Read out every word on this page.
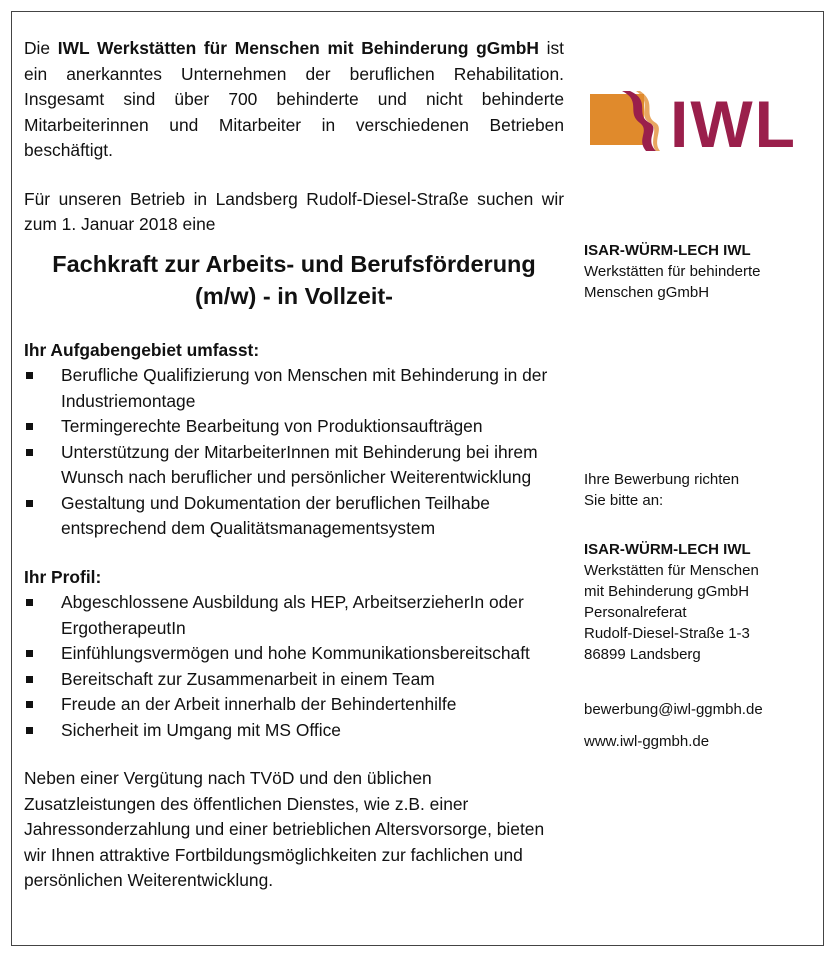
Die IWL Werkstätten für Menschen mit Behinderung gGmbH ist ein anerkanntes Unternehmen der beruflichen Rehabilitation. Insgesamt sind über 700 behinderte und nicht behinderte Mitarbeiterinnen und Mitarbeiter in verschiedenen Betrieben beschäftigt.

Für unseren Betrieb in Landsberg Rudolf-Diesel-Straße suchen wir zum 1. Januar 2018 eine

Fachkraft zur Arbeits- und Berufsförderung
(m/w) - in Vollzeit-

Ihr Aufgabengebiet umfasst:

Berufliche Qualifizierung von Menschen mit Behinderung in der Industriemontage
Termingerechte Bearbeitung von Produktionsaufträgen
Unterstützung der MitarbeiterInnen mit Behinderung bei ihrem Wunsch nach beruflicher und persönlicher Weiterentwicklung
Gestaltung und Dokumentation der beruflichen Teilhabe entsprechend dem Qualitätsmanagementsystem

Ihr Profil:

Abgeschlossene Ausbildung als HEP, ArbeitserzieherIn oder ErgotherapeutIn
Einfühlungsvermögen und hohe Kommunikationsbereitschaft
Bereitschaft zur Zusammenarbeit in einem Team
Freude an der Arbeit innerhalb der Behindertenhilfe
Sicherheit im Umgang mit MS Office

Neben einer Vergütung nach TVöD und den üblichen Zusatzleistungen des öffentlichen Dienstes, wie z.B. einer Jahressonderzahlung und einer betrieblichen Altersvorsorge, bieten wir Ihnen attraktive Fortbildungsmöglichkeiten zur fachlichen und persönlichen Weiterentwicklung.

IWL
ISAR-WÜRM-LECH IWL
Werkstätten für behinderte
Menschen gGmbH
Ihre Bewerbung richten
Sie bitte an:
ISAR-WÜRM-LECH IWL
Werkstätten für Menschen
mit Behinderung gGmbH
Personalreferat
Rudolf-Diesel-Straße 1-3
86899 Landsberg
bewerbung@iwl-ggmbh.de
www.iwl-ggmbh.de
